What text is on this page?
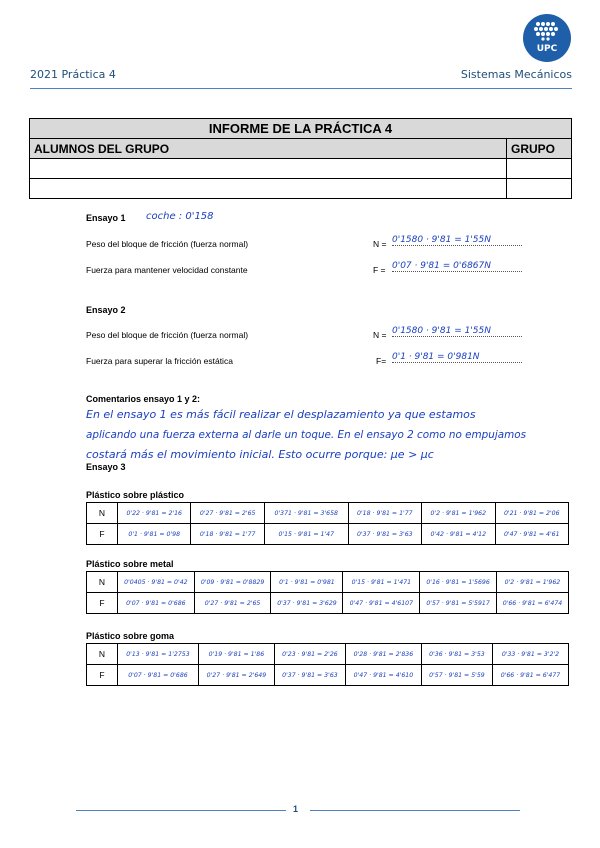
2021 Práctica 4	Sistemas Mecánicos
UPC
INFORME DE LA PRÁCTICA 4	
ALUMNOS DEL GRUPO	GRUPO

Ensayo 1 coche : 0'158
Peso del bloque de fricción (fuerza normal)	N = 0'1580 · 9'81 = 1'55N
Fuerza para mantener velocidad constante	F = 0'07 · 9'81 = 0'6867N
Ensayo 2
Peso del bloque de fricción (fuerza normal)	N = 0'1580 · 9'81 = 1'55N
Fuerza para superar la fricción estática	F= 0'1 · 9'81 = 0'981N
Comentarios ensayo 1 y 2:
En el ensayo 1 es más fácil realizar el desplazamiento ya que estamos
aplicando una fuerza externa al darle un toque. En el ensayo 2 como no empujamos
costará más el movimiento inicial. Esto ocurre porque: µe > µc
Ensayo 3
Plástico sobre plástico
N	0'22 · 9'81 = 2'16	0'27 · 9'81 = 2'65	0'371 · 9'81 = 3'658	0'18 · 9'81 = 1'77	0'2 · 9'81 = 1'962	0'21 · 9'81 = 2'06
F	0'1 · 9'81 = 0'98	0'18 · 9'81 = 1'77	0'15 · 9'81 = 1'47	0'37 · 9'81 = 3'63	0'42 · 9'81 = 4'12	0'47 · 9'81 = 4'61
Plástico sobre metal
N	0'0405 · 9'81 = 0'42	0'09 · 9'81 = 0'8829	0'1 · 9'81 = 0'981	0'15 · 9'81 = 1'471	0'16 · 9'81 = 1'5696	0'2 · 9'81 = 1'962
F	0'07 · 9'81 = 0'686	0'27 · 9'81 = 2'65	0'37 · 9'81 = 3'629	0'47 · 9'81 = 4'6107	0'57 · 9'81 = 5'5917	0'66 · 9'81 = 6'474
Plástico sobre goma
N	0'13 · 9'81 = 1'2753	0'19 · 9'81 = 1'86	0'23 · 9'81 = 2'26	0'28 · 9'81 = 2'836	0'36 · 9'81 = 3'53	0'33 · 9'81 = 3'2'2
F	0'07 · 9'81 = 0'686	0'27 · 9'81 = 2'649	0'37 · 9'81 = 3'63	0'47 · 9'81 = 4'610	0'57 · 9'81 = 5'59	0'66 · 9'81 = 6'477
1
